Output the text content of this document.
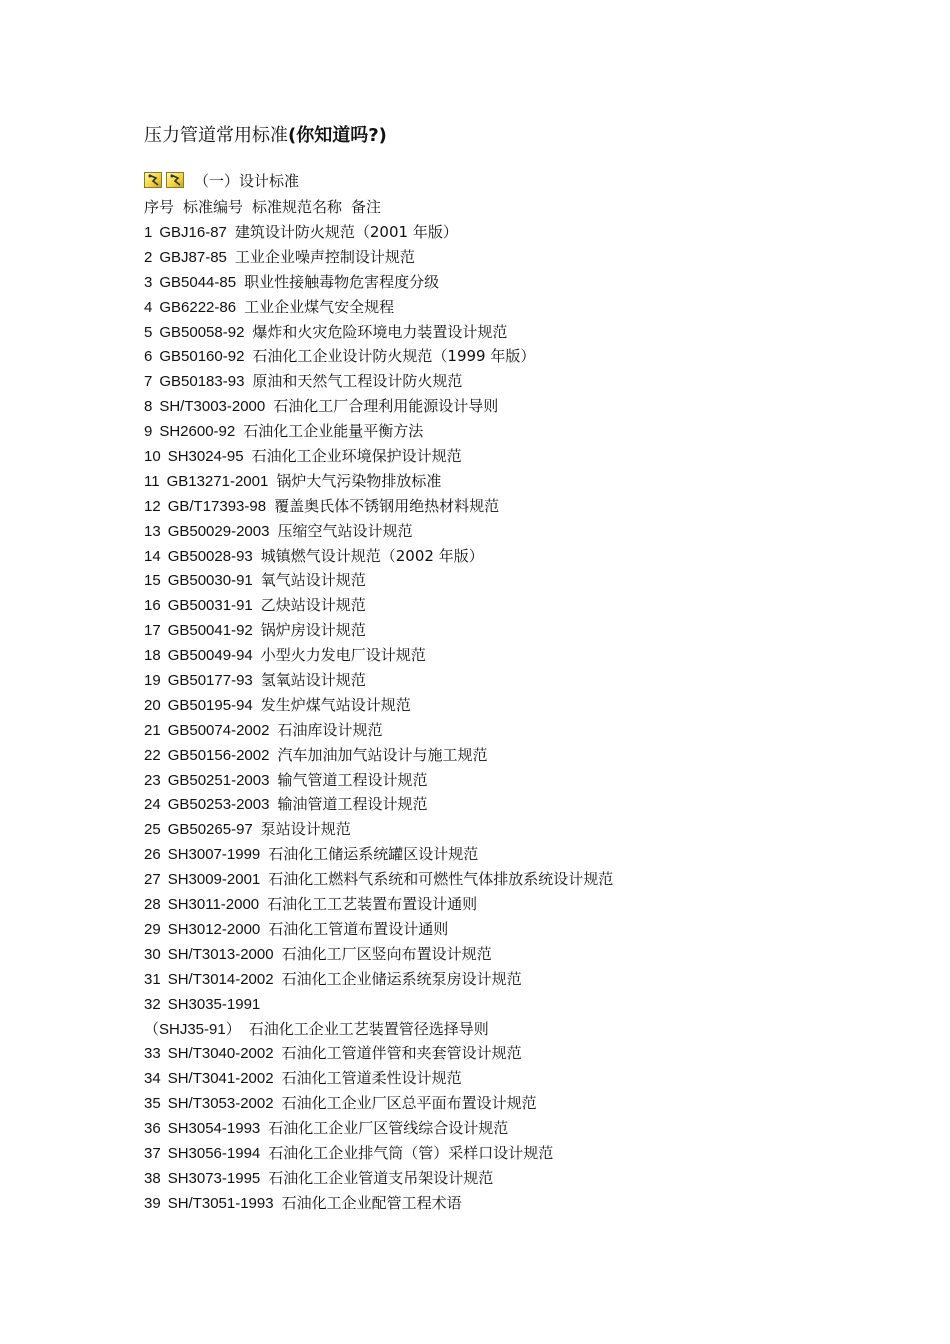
压力管道常用标准(你知道吗?)
（一）设计标准
序号 标准编号 标准规范名称 备注
1 GBJ16-87 建筑设计防火规范（2001 年版）
2 GBJ87-85 工业企业噪声控制设计规范
3 GB5044-85 职业性接触毒物危害程度分级
4 GB6222-86 工业企业煤气安全规程
5 GB50058-92 爆炸和火灾危险环境电力装置设计规范
6 GB50160-92 石油化工企业设计防火规范（1999 年版）
7 GB50183-93 原油和天然气工程设计防火规范
8 SH/T3003-2000 石油化工厂合理利用能源设计导则
9 SH2600-92 石油化工企业能量平衡方法
10 SH3024-95 石油化工企业环境保护设计规范
11 GB13271-2001 锅炉大气污染物排放标准
12 GB/T17393-98 覆盖奥氏体不锈钢用绝热材料规范
13 GB50029-2003 压缩空气站设计规范
14 GB50028-93 城镇燃气设计规范（2002 年版）
15 GB50030-91 氧气站设计规范
16 GB50031-91 乙炔站设计规范
17 GB50041-92 锅炉房设计规范
18 GB50049-94 小型火力发电厂设计规范
19 GB50177-93 氢氧站设计规范
20 GB50195-94 发生炉煤气站设计规范
21 GB50074-2002 石油库设计规范
22 GB50156-2002 汽车加油加气站设计与施工规范
23 GB50251-2003 输气管道工程设计规范
24 GB50253-2003 输油管道工程设计规范
25 GB50265-97 泵站设计规范
26 SH3007-1999 石油化工储运系统罐区设计规范
27 SH3009-2001 石油化工燃料气系统和可燃性气体排放系统设计规范
28 SH3011-2000 石油化工工艺装置布置设计通则
29 SH3012-2000 石油化工管道布置设计通则
30 SH/T3013-2000 石油化工厂区竖向布置设计规范
31 SH/T3014-2002 石油化工企业储运系统泵房设计规范
32 SH3035-1991
（SHJ35-91） 石油化工企业工艺装置管径选择导则
33 SH/T3040-2002 石油化工管道伴管和夹套管设计规范
34 SH/T3041-2002 石油化工管道柔性设计规范
35 SH/T3053-2002 石油化工企业厂区总平面布置设计规范
36 SH3054-1993 石油化工企业厂区管线综合设计规范
37 SH3056-1994 石油化工企业排气筒（管）采样口设计规范
38 SH3073-1995 石油化工企业管道支吊架设计规范
39 SH/T3051-1993 石油化工企业配管工程术语
